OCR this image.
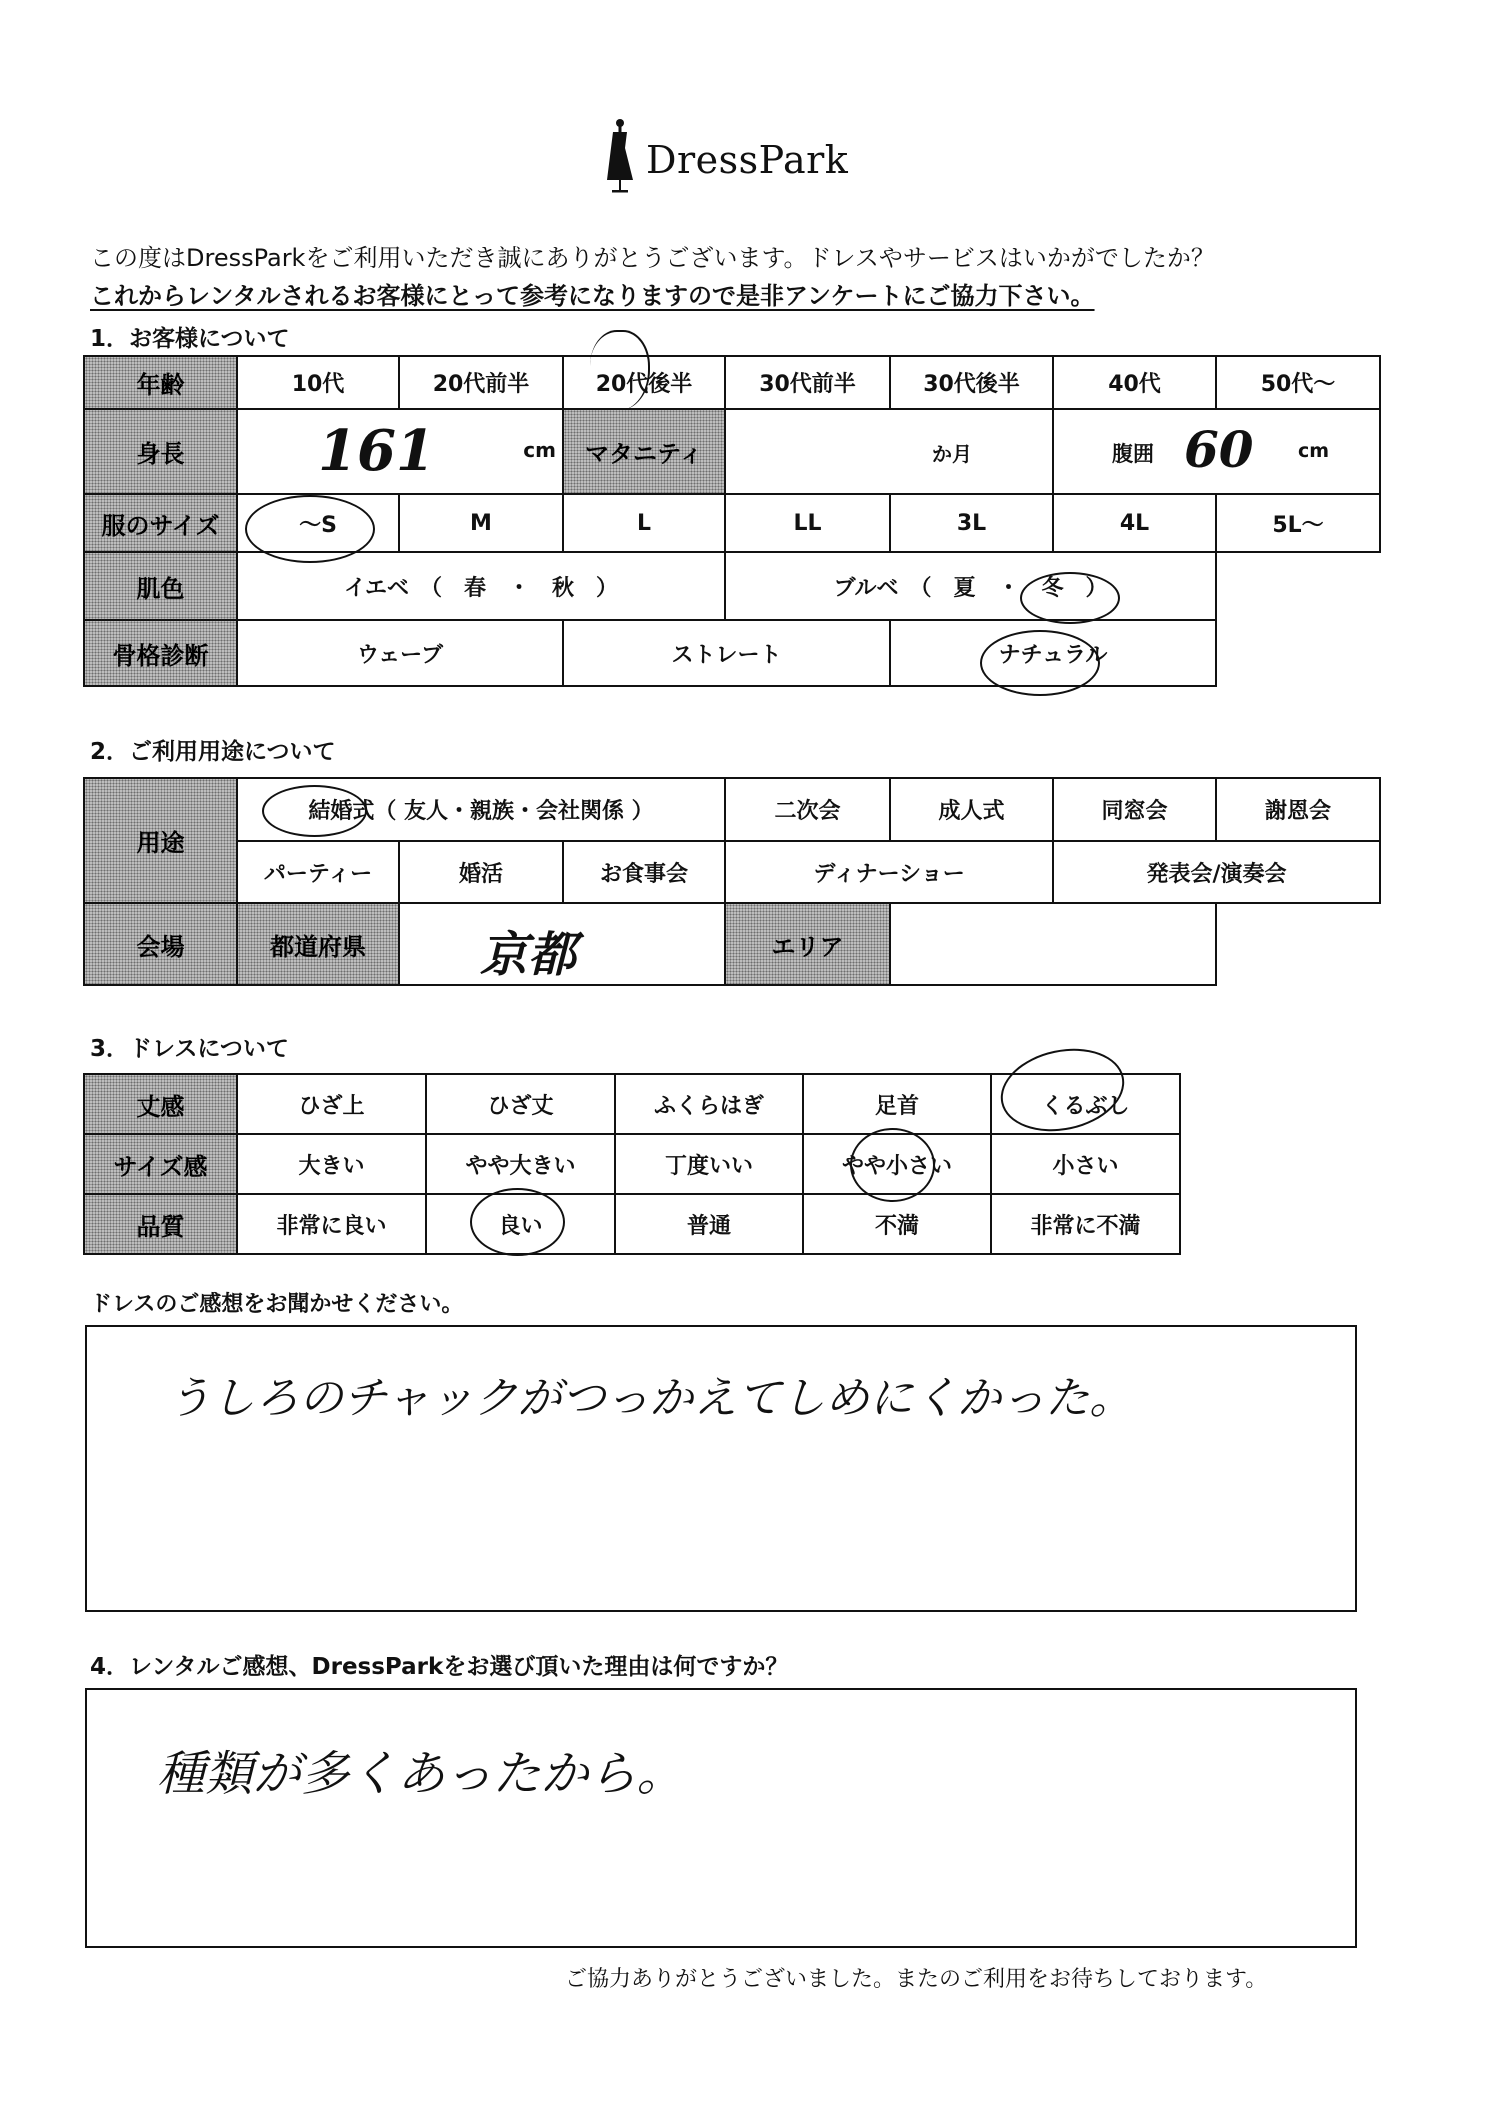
DressPark
この度はDressParkをご利用いただき誠にありがとうございます。ドレスやサービスはいかがでしたか？
これからレンタルされるお客様にとって参考になりますので是非アンケートにご協力下さい。
1．お客様について
年齢	10代	20代前半	20代後半	30代前半	30代後半	40代	50代～
身長	161 cm		マタニティ	か月		腹囲 60 cm	

服のサイズ	～S	M	L	LL	3L	4L	5L～
肌色	イエベ　（　春　・　秋　）			ブルベ　（　夏　・　冬　）			
骨格診断	ウェーブ		ストレート		ナチュラル		
2．ご利用用途について
用途	結婚式（ 友人・親族・会社関係 ）			二次会	成人式	同窓会	謝恩会
	パーティー	婚活	お食事会	ディナーショー		発表会/演奏会	
会場	都道府県	京都		エリア			
3．ドレスについて
丈感	ひざ上	ひざ丈	ふくらはぎ	足首	くるぶし
サイズ感	大きい	やや大きい	丁度いい	やや小さい	小さい
品質	非常に良い	良い	普通	不満	非常に不満
ドレスのご感想をお聞かせください。
うしろのチャックがつっかえてしめにくかった。
4．レンタルご感想、DressParkをお選び頂いた理由は何ですか？
種類が多くあったから。
ご協力ありがとうございました。またのご利用をお待ちしております。
